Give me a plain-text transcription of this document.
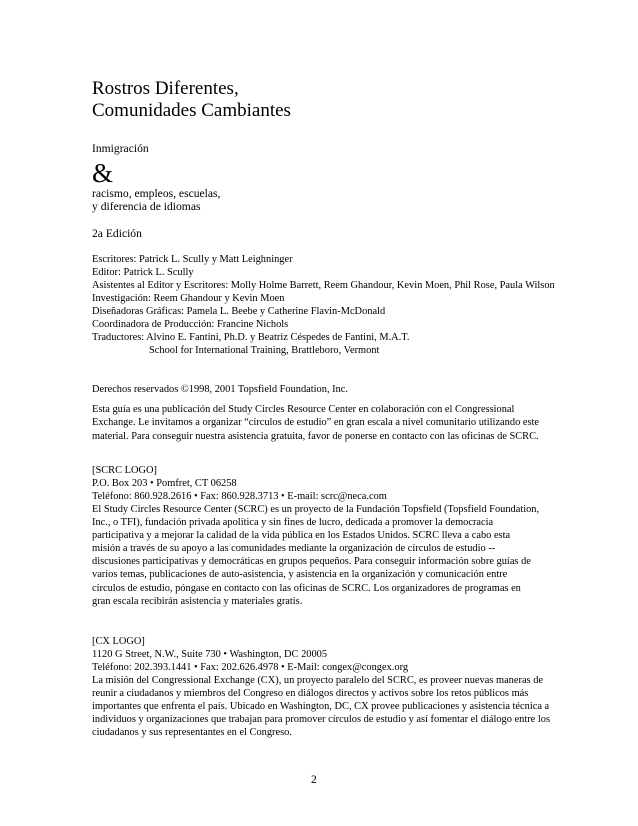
Rostros Diferentes,
Comunidades Cambiantes
Inmigración
&
racismo, empleos, escuelas,
y diferencia de idiomas
2a Edición
Escritores: Patrick L. Scully y Matt Leighninger
Editor: Patrick L. Scully
Asistentes al Editor y Escritores: Molly Holme Barrett, Reem Ghandour, Kevin Moen, Phil Rose, Paula Wilson
Investigación: Reem Ghandour y Kevin Moen
Diseñadoras Gráficas: Pamela L. Beebe y Catherine Flavin-McDonald
Coordinadora de Producción: Francine Nichols
Traductores: Alvino E. Fantini, Ph.D. y Beatriz Céspedes de Fantini, M.A.T.
School for International Training, Brattleboro, Vermont
Derechos reservados ©1998, 2001 Topsfield Foundation, Inc.
Esta guía es una publicación del Study Circles Resource Center en colaboración con el Congressional
Exchange. Le invitamos a organizar “círculos de estudio” en gran escala a nivel comunitario utilizando este
material. Para conseguir nuestra asistencia gratuita, favor de ponerse en contacto con las oficinas de SCRC.
[SCRC LOGO]
P.O. Box 203 • Pomfret, CT 06258
Teléfono: 860.928.2616 • Fax: 860.928.3713 • E-mail: scrc@neca.com
El Study Circles Resource Center (SCRC) es un proyecto de la Fundación Topsfield (Topsfield Foundation,
Inc., o TFI), fundación privada apolítica y sin fines de lucro, dedicada a promover la democracia
participativa y a mejorar la calidad de la vida pública en los Estados Unidos. SCRC lleva a cabo esta
misión a través de su apoyo a las comunidades mediante la organización de círculos de estudio --
discusiones participativas y democráticas en grupos pequeños. Para conseguir información sobre guías de
varios temas, publicaciones de auto-asistencia, y asistencia en la organización y comunicación entre
círculos de estudio, póngase en contacto con las oficinas de SCRC. Los organizadores de programas en
gran escala recibirán asistencia y materiales gratis.
[CX LOGO]
1120 G Street, N.W., Suite 730 • Washington, DC 20005
Teléfono: 202.393.1441 • Fax: 202.626.4978 • E-Mail: congex@congex.org
La misión del Congressional Exchange (CX), un proyecto paralelo del SCRC, es proveer nuevas maneras de
reunir a ciudadanos y miembros del Congreso en diálogos directos y activos sobre los retos públicos más
importantes que enfrenta el país. Ubicado en Washington, DC, CX provee publicaciones y asistencia técnica a
individuos y organizaciones que trabajan para promover círculos de estudio y así fomentar el diálogo entre los
ciudadanos y sus representantes en el Congreso.
2
